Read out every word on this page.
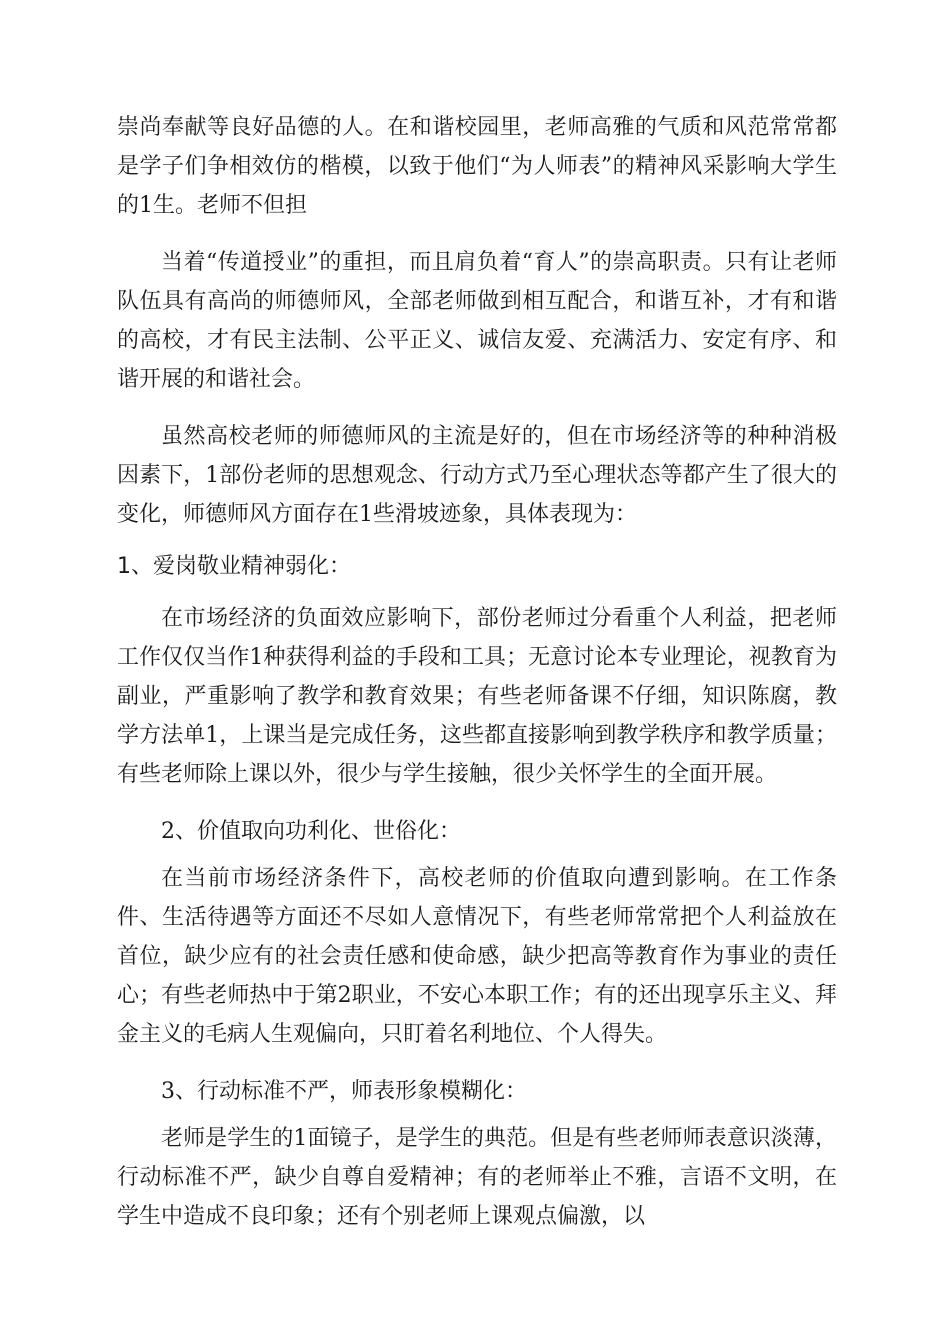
崇尚奉献等良好品德的人。在和谐校园里，老师高雅的气质和风范常常都是学子们争相效仿的楷模，以致于他们“为人师表”的精神风采影响大学生的1生。老师不但担

当着“传道授业”的重担，而且肩负着“育人”的崇高职责。只有让老师队伍具有高尚的师德师风，全部老师做到相互配合，和谐互补，才有和谐的高校，才有民主法制、公平正义、诚信友爱、充满活力、安定有序、和谐开展的和谐社会。

虽然高校老师的师德师风的主流是好的，但在市场经济等的种种消极因素下，1部份老师的思想观念、行动方式乃至心理状态等都产生了很大的变化，师德师风方面存在1些滑坡迹象，具体表现为：

1、爱岗敬业精神弱化：

在市场经济的负面效应影响下，部份老师过分看重个人利益，把老师工作仅仅当作1种获得利益的手段和工具；无意讨论本专业理论，视教育为副业，严重影响了教学和教育效果；有些老师备课不仔细，知识陈腐，教学方法单1，上课当是完成任务，这些都直接影响到教学秩序和教学质量；有些老师除上课以外，很少与学生接触，很少关怀学生的全面开展。

2、价值取向功利化、世俗化：

在当前市场经济条件下，高校老师的价值取向遭到影响。在工作条件、生活待遇等方面还不尽如人意情况下，有些老师常常把个人利益放在首位，缺少应有的社会责任感和使命感，缺少把高等教育作为事业的责任心；有些老师热中于第2职业，不安心本职工作；有的还出现享乐主义、拜金主义的毛病人生观偏向，只盯着名利地位、个人得失。

3、行动标准不严，师表形象模糊化：

老师是学生的1面镜子，是学生的典范。但是有些老师师表意识淡薄，行动标准不严，缺少自尊自爱精神；有的老师举止不雅，言语不文明，在学生中造成不良印象；还有个别老师上课观点偏激，以
